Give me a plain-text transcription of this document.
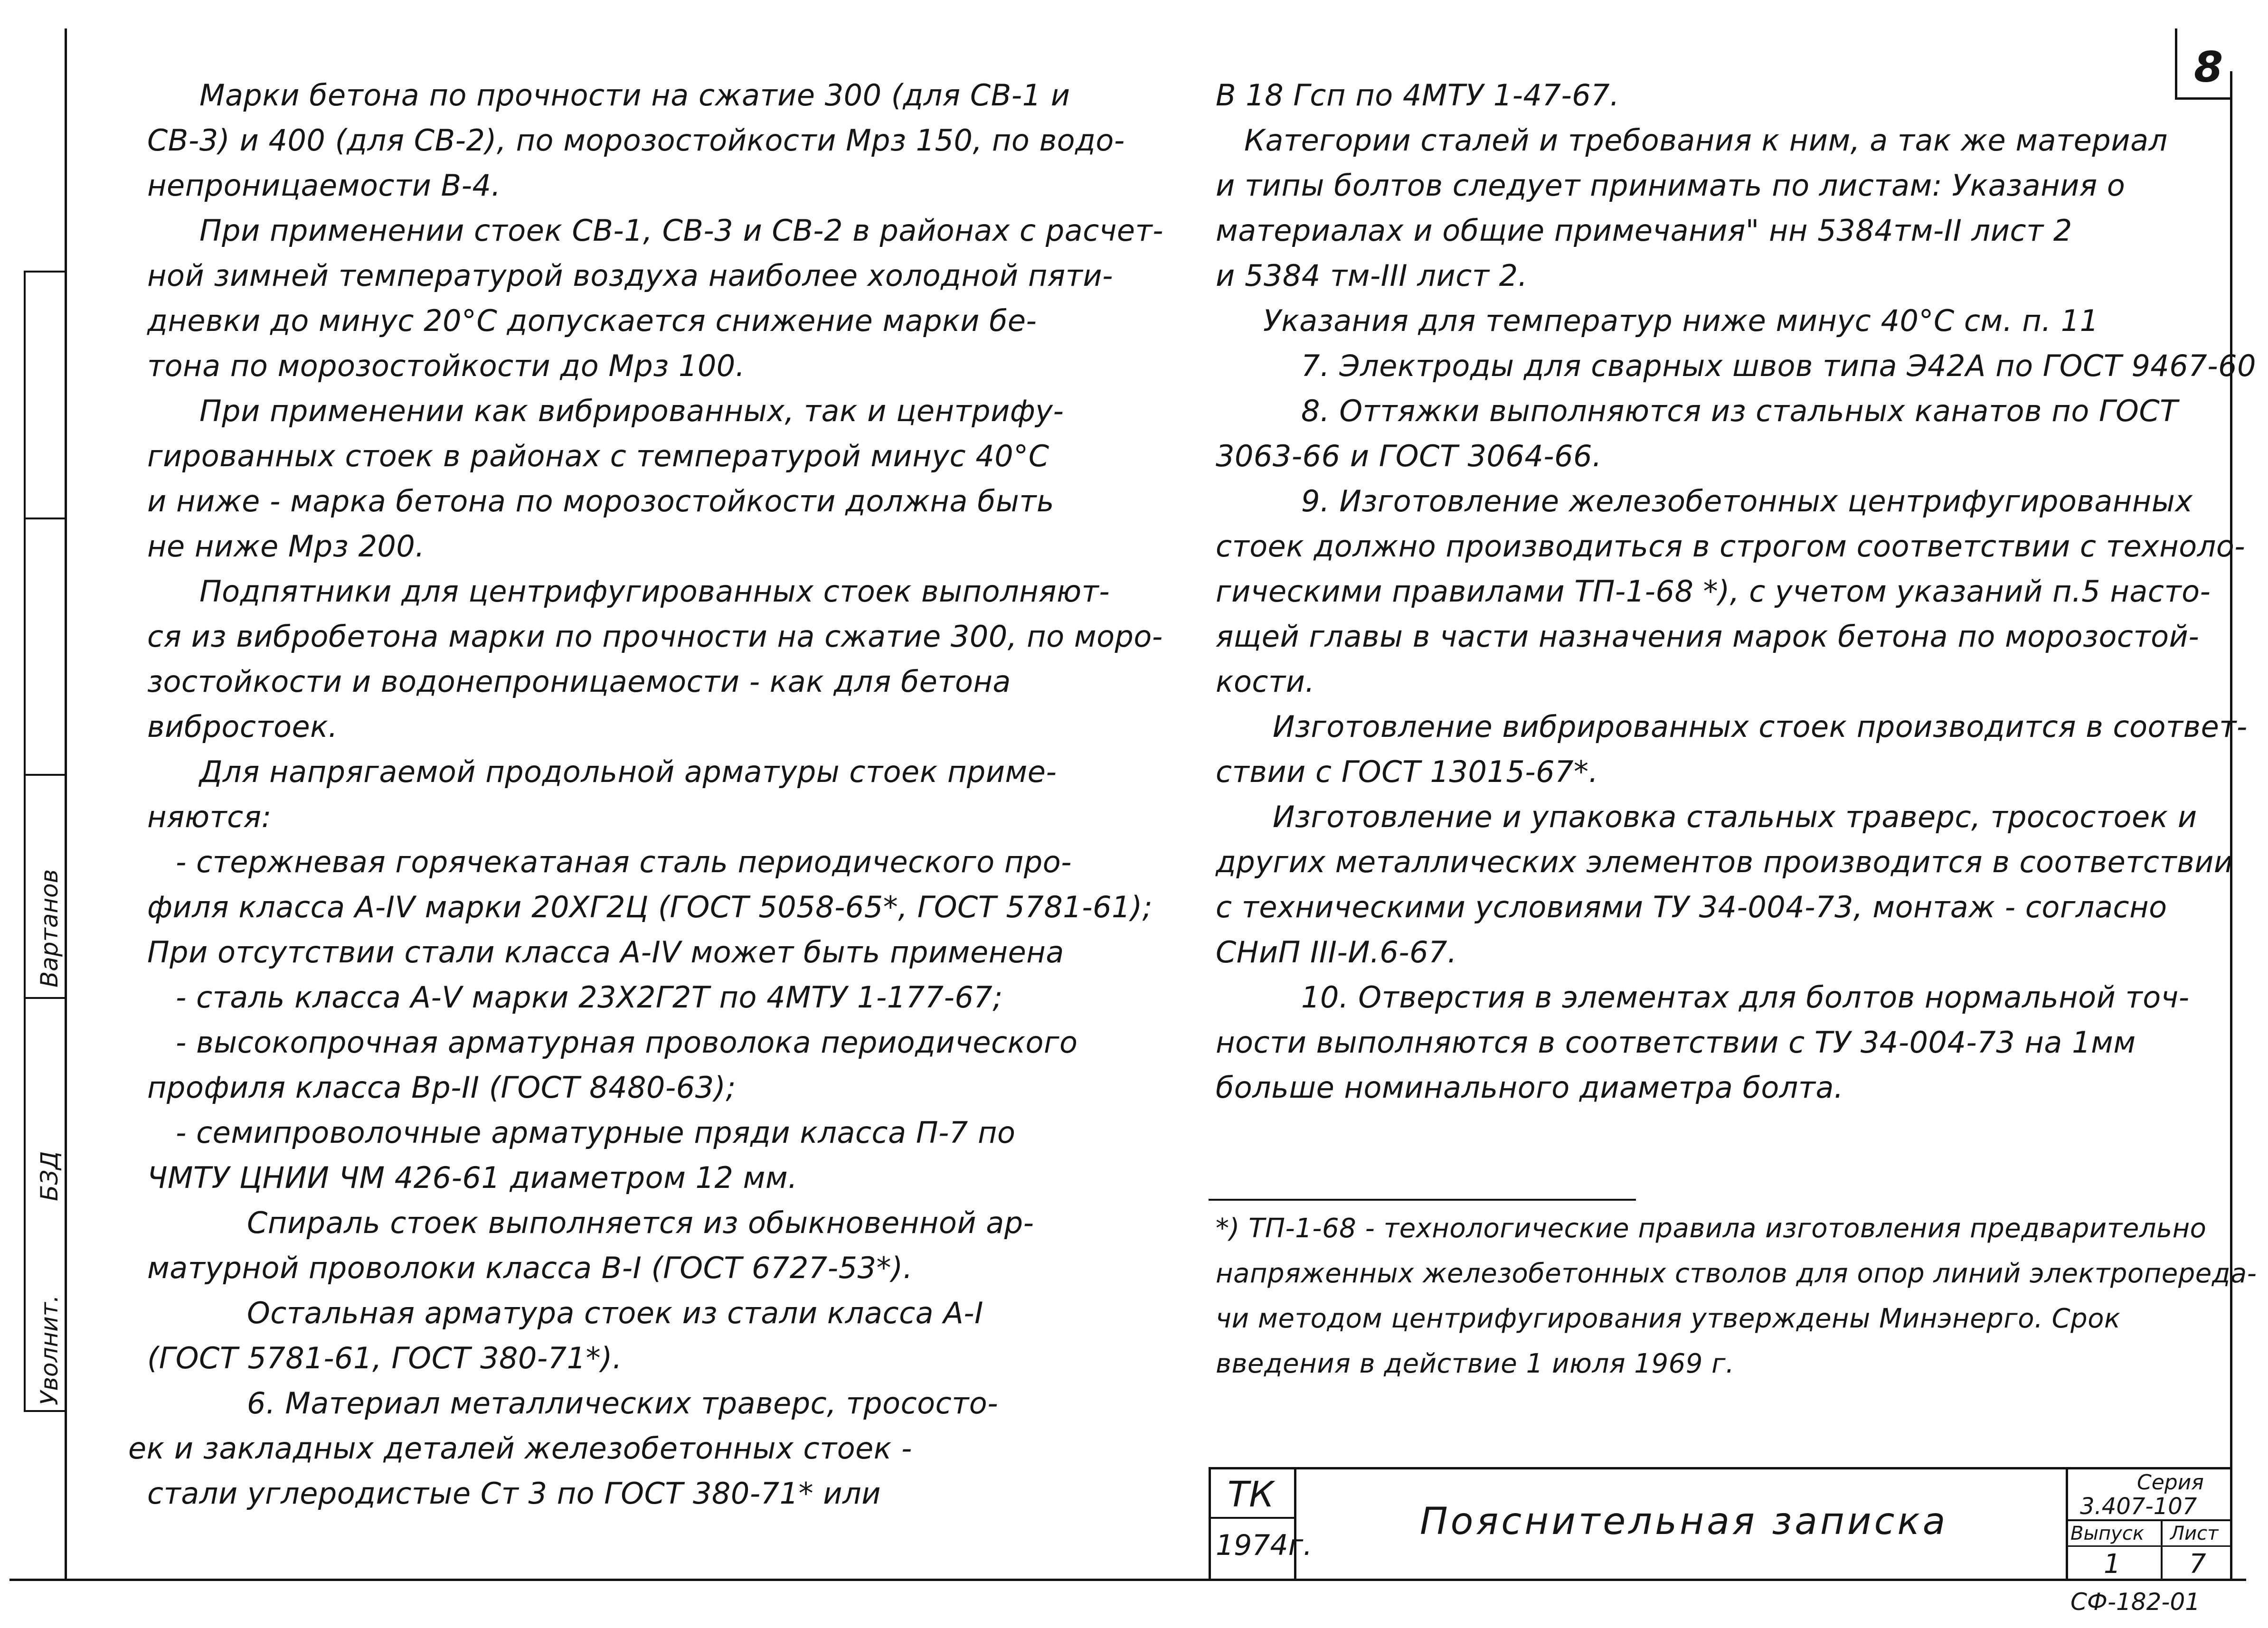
Уволнит.
БЗД
Вартанов
8
Марки бетона по прочности на сжатие 300 (для СВ-1 и
СВ-3) и 400 (для СВ-2), по морозостойкости Мрз 150, по водо-
непроницаемости В-4.
При применении стоек СВ-1, СВ-3 и СВ-2 в районах с расчет-
ной зимней температурой воздуха наиболее холодной пяти-
дневки до минус 20°С допускается снижение марки бе-
тона по морозостойкости до Мрз 100.
При применении как вибрированных, так и центрифу-
гированных стоек в районах с температурой минус 40°С
и ниже - марка бетона по морозостойкости должна быть
не ниже Мрз 200.
Подпятники для центрифугированных стоек выполняют-
ся из вибробетона марки по прочности на сжатие 300, по моро-
зостойкости и водонепроницаемости - как для бетона
вибростоек.
Для напрягаемой продольной арматуры стоек приме-
няются:
- стержневая горячекатаная сталь периодического про-
филя класса А-IV марки 20ХГ2Ц (ГОСТ 5058-65*, ГОСТ 5781-61);
При отсутствии стали класса А-IV может быть применена
- сталь класса А-V марки 23Х2Г2Т по 4МТУ 1-177-67;
- высокопрочная арматурная проволока периодического
профиля класса Вр-II (ГОСТ 8480-63);
- семипроволочные арматурные пряди класса П-7 по
ЧМТУ ЦНИИ ЧМ 426-61 диаметром 12 мм.
Спираль стоек выполняется из обыкновенной ар-
матурной проволоки класса В-I (ГОСТ 6727-53*).
Остальная арматура стоек из стали класса А-I
(ГОСТ 5781-61, ГОСТ 380-71*).
6. Материал металлических траверс, тросостo-
ек и закладных деталей железобетонных стоек -
стали углеродистые Ст 3 по ГОСТ 380-71* или
В 18 Гсп по 4МТУ 1-47-67.
Категории сталей и требования к ним, а так же материал
и типы болтов следует принимать по листам: Указания о
материалах и общие примечания" нн 5384тм-II лист 2
и 5384 тм-III лист 2.
Указания для температур ниже минус 40°С см. п. 11
7. Электроды для сварных швов типа Э42А по ГОСТ 9467-60
8. Оттяжки выполняются из стальных канатов по ГОСТ
3063-66 и ГОСТ 3064-66.
9. Изготовление железобетонных центрифугированных
стоек должно производиться в строгом соответствии с техноло-
гическими правилами ТП-1-68 *), с учетом указаний п.5 насто-
ящей главы в части назначения марок бетона по морозостой-
кости.
Изготовление вибрированных стоек производится в соответ-
ствии с ГОСТ 13015-67*.
Изготовление и упаковка стальных траверс, тросостоек и
других металлических элементов производится в соответствии
с техническими условиями ТУ 34-004-73, монтаж - согласно
СНиП III-И.6-67.
10. Отверстия в элементах для болтов нормальной точ-
ности выполняются в соответствии с ТУ 34-004-73 на 1мм
больше номинального диаметра болта.
*) ТП-1-68 - технологические правила изготовления предварительно
напряженных железобетонных стволов для опор линий электропереда-
чи методом центрифугирования утверждены Минэнерго. Срок
введения в действие 1 июля 1969 г.
ТК
1974г.
Пояснительная записка
Серия
3.407-107
Выпуск
1
Лист
7
СФ-182-01
